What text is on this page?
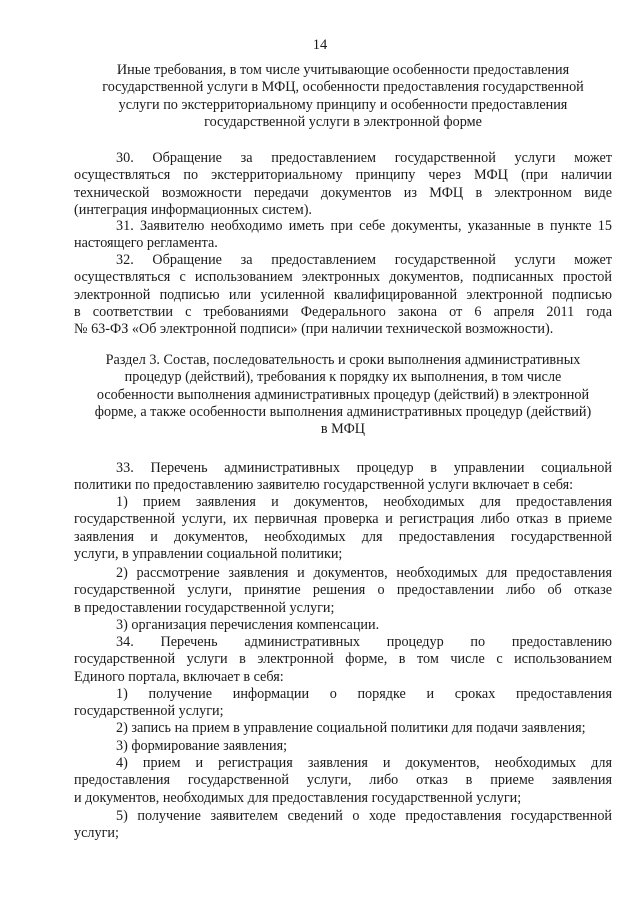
14
Иные требования, в том числе учитывающие особенности предоставления
государственной услуги в МФЦ, особенности предоставления государственной
услуги по экстерриториальному принципу и особенности предоставления
государственной услуги в электронной форме

30. Обращение за предоставлением государственной услуги может

осуществляться по экстерриториальному принципу через МФЦ (при наличии

технической возможности передачи документов из МФЦ в электронном виде

(интеграция информационных систем).

31. Заявителю необходимо иметь при себе документы, указанные в пункте 15

настоящего регламента.

32. Обращение за предоставлением государственной услуги может

осуществляться с использованием электронных документов, подписанных простой

электронной подписью или усиленной квалифицированной электронной подписью

в соответствии с требованиями Федерального закона от 6 апреля 2011 года

№ 63-ФЗ «Об электронной подписи» (при наличии технической возможности).

Раздел 3. Состав, последовательность и сроки выполнения административных
процедур (действий), требования к порядку их выполнения, в том числе
особенности выполнения административных процедур (действий) в электронной
форме, а также особенности выполнения административных процедур (действий)
в МФЦ

33. Перечень административных процедур в управлении социальной

политики по предоставлению заявителю государственной услуги включает в себя:

1) прием заявления и документов, необходимых для предоставления

государственной услуги, их первичная проверка и регистрация либо отказ в приеме

заявления и документов, необходимых для предоставления государственной

услуги, в управлении социальной политики;

2) рассмотрение заявления и документов, необходимых для предоставления

государственной услуги, принятие решения о предоставлении либо об отказе

в предоставлении государственной услуги;

3) организация перечисления компенсации.

34. Перечень административных процедур по предоставлению

государственной услуги в электронной форме, в том числе с использованием

Единого портала, включает в себя:

1) получение информации о порядке и сроках предоставления

государственной услуги;

2) запись на прием в управление социальной политики для подачи заявления;

3) формирование заявления;

4) прием и регистрация заявления и документов, необходимых для

предоставления государственной услуги, либо отказ в приеме заявления

и документов, необходимых для предоставления государственной услуги;

5) получение заявителем сведений о ходе предоставления государственной

услуги;
